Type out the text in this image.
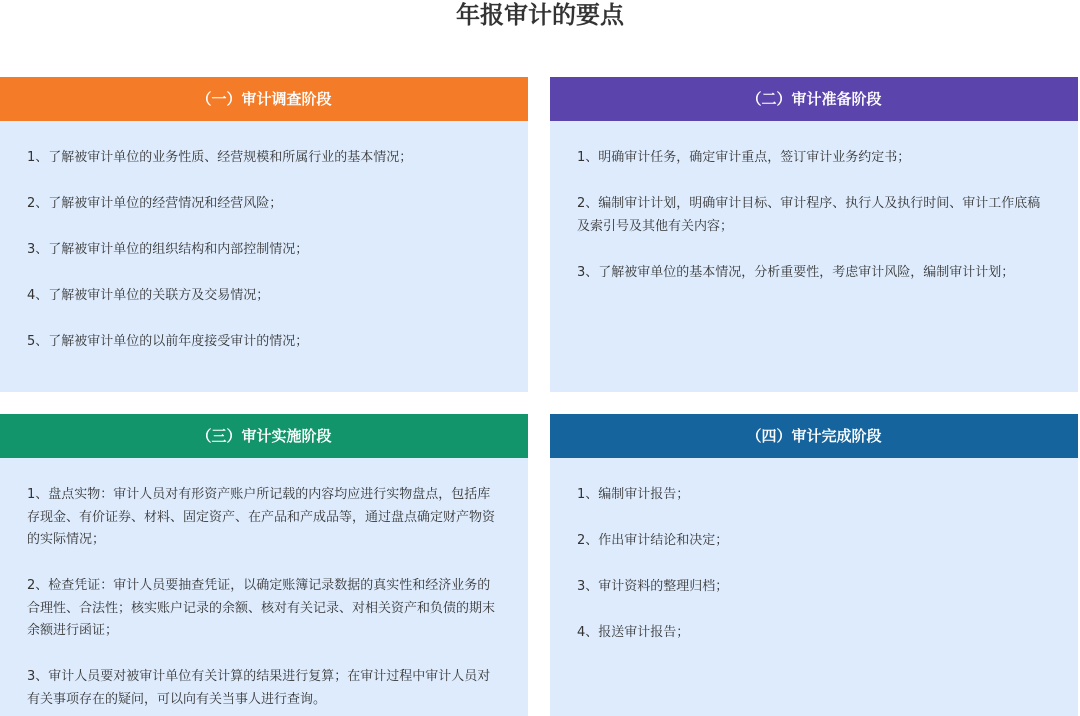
年报审计的要点
（一）审计调查阶段

1、了解被审计单位的业务性质、经营规模和所属行业的基本情况；

2、了解被审计单位的经营情况和经营风险；

3、了解被审计单位的组织结构和内部控制情况；

4、了解被审计单位的关联方及交易情况；

5、了解被审计单位的以前年度接受审计的情况；

（二）审计准备阶段

1、明确审计任务，确定审计重点，签订审计业务约定书；

2、编制审计计划，明确审计目标、审计程序、执行人及执行时间、审计工作底稿及索引号及其他有关内容；

3、了解被审单位的基本情况，分析重要性，考虑审计风险，编制审计计划；

（三）审计实施阶段

1、盘点实物：审计人员对有形资产账户所记载的内容均应进行实物盘点，包括库存现金、有价证券、材料、固定资产、在产品和产成品等，通过盘点确定财产物资的实际情况；

2、检查凭证：审计人员要抽查凭证，以确定账簿记录数据的真实性和经济业务的合理性、合法性；核实账户记录的余额、核对有关记录、对相关资产和负债的期末余额进行函证；

3、审计人员要对被审计单位有关计算的结果进行复算；在审计过程中审计人员对有关事项存在的疑问，可以向有关当事人进行查询。

（四）审计完成阶段

1、编制审计报告；

2、作出审计结论和决定；

3、审计资料的整理归档；

4、报送审计报告；
